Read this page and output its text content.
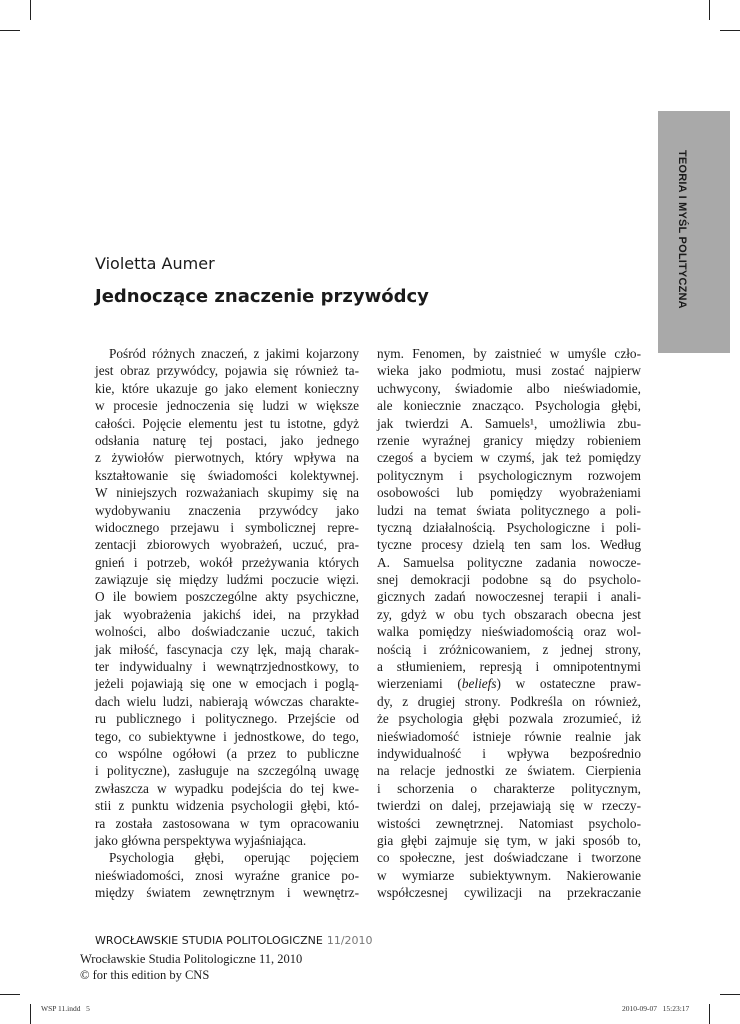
TEORIA I MYŚL POLITYCZNA
Violetta Aumer
Jednoczące znaczenie przywódcy
Pośród różnych znaczeń, z jakimi kojarzony
jest obraz przywódcy, pojawia się również ta-
kie, które ukazuje go jako element konieczny
w procesie jednoczenia się ludzi w większe
całości. Pojęcie elementu jest tu istotne, gdyż
odsłania naturę tej postaci, jako jednego
z żywiołów pierwotnych, który wpływa na
kształtowanie się świadomości kolektywnej.
W niniejszych rozważaniach skupimy się na
wydobywaniu znaczenia przywódcy jako
widocznego przejawu i symbolicznej repre-
zentacji zbiorowych wyobrażeń, uczuć, pra-
gnień i potrzeb, wokół przeżywania których
zawiązuje się między ludźmi poczucie więzi.
O ile bowiem poszczególne akty psychiczne,
jak wyobrażenia jakichś idei, na przykład
wolności, albo doświadczanie uczuć, takich
jak miłość, fascynacja czy lęk, mają charak-
ter indywidualny i wewnątrzjednostkowy, to
jeżeli pojawiają się one w emocjach i poglą-
dach wielu ludzi, nabierają wówczas charakte-
ru publicznego i politycznego. Przejście od
tego, co subiektywne i jednostkowe, do tego,
co wspólne ogółowi (a przez to publiczne
i polityczne), zasługuje na szczególną uwagę
zwłaszcza w wypadku podejścia do tej kwe-
stii z punktu widzenia psychologii głębi, któ-
ra została zastosowana w tym opracowaniu
jako główna perspektywa wyjaśniająca.
Psychologia głębi, operując pojęciem
nieświadomości, znosi wyraźne granice po-
między światem zewnętrznym i wewnętrz-
nym. Fenomen, by zaistnieć w umyśle czło-
wieka jako podmiotu, musi zostać najpierw
uchwycony, świadomie albo nieświadomie,
ale koniecznie znacząco. Psychologia głębi,
jak twierdzi A. Samuels¹, umożliwia zbu-
rzenie wyraźnej granicy między robieniem
czegoś a byciem w czymś, jak też pomiędzy
politycznym i psychologicznym rozwojem
osobowości lub pomiędzy wyobrażeniami
ludzi na temat świata politycznego a poli-
tyczną działalnością. Psychologiczne i poli-
tyczne procesy dzielą ten sam los. Według
A. Samuelsa polityczne zadania nowocze-
snej demokracji podobne są do psycholo-
gicznych zadań nowoczesnej terapii i anali-
zy, gdyż w obu tych obszarach obecna jest
walka pomiędzy nieświadomością oraz wol-
nością i zróżnicowaniem, z jednej strony,
a stłumieniem, represją i omnipotentnymi
wierzeniami (beliefs) w ostateczne praw-
dy, z drugiej strony. Podkreśla on również,
że psychologia głębi pozwala zrozumieć, iż
nieświadomość istnieje równie realnie jak
indywidualność i wpływa bezpośrednio
na relacje jednostki ze światem. Cierpienia
i schorzenia o charakterze politycznym,
twierdzi on dalej, przejawiają się w rzeczy-
wistości zewnętrznej. Natomiast psycholo-
gia głębi zajmuje się tym, w jaki sposób to,
co społeczne, jest doświadczane i tworzone
w wymiarze subiektywnym. Nakierowanie
współczesnej cywilizacji na przekraczanie
WROCŁAWSKIE STUDIA POLITOLOGICZNE 11/2010
Wrocławskie Studia Politologiczne 11, 2010
© for this edition by CNS
WSP 11.indd   5	2010-09-07   15:23:17
